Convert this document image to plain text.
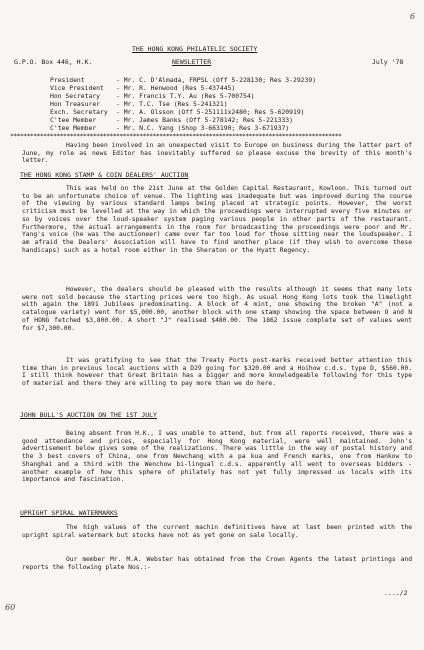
6
THE HONG KONG PHILATELIC SOCIETY
G.P.O. Box 446, H.K.	NEWSLETTER	July '78
President	- Mr. C. D'Almada, FRPSL (Off 5-228130; Res 3-29239)
Vice President - Mr. R. Henwood (Res 5-437445)
Hon Secretary - Mr. Francis T.Y. Au (Res 5-700754)
Hon Treasurer - Mr. T.C. Tse (Res 5-241321)
Exch. Secretary - Mr. A. Olsson (Off 5-251111x2480; Res 5-620919)
C'tee Member	- Mr. James Banks (Off 5-278142; Res 5-221333)
C'tee Member	- Mr. N.C. Yang (Shop 3-663190; Res 3-671937)
****************************************************************************************************
Having been involved in an unexpected visit to Europe on business during the latter part of June, my role as news Editor has inevitably suffered so please excuse the brevity of this month's letter.
THE HONG KONG STAMP & COIN DEALERS' AUCTION
This was held on the 21st June at the Golden Capital Restaurant, Kowloon. This turned out to be an unfortunate choice of venue. The lighting was inadequate but was improved during the course of the viewing by various standard lamps being placed at strategic points. However, the worst criticism must be levelled at the way in which the proceedings were interrupted every five minutes or so by voices over the loud-speaker system paging various people in other parts of the restaurant. Furthermore, the actual arrangements in the room for broadcasting the proceedings were poor and Mr. Yang's voice (he was the auctioneer) came over far too loud for those sitting near the loudspeaker. I am afraid the Dealers' Association will have to find another place (if they wish to overcome these handicaps) such as a hotel room either in the Sheraton or the Hyatt Regency.
However, the dealers should be pleased with the results although it seems that many lots were not sold because the starting prices were too high. As usual Hong Kong lots took the limelight with again the 1891 Jubilees predominating. A block of 4 mint, one showing the broken "A" (not a catalogue variety) went for $5,000.00, another block with one stamp showing the space between O and N of HONG fetched $3,800.00. A short "J" realised $480.00. The 1862 issue complete set of values went for $7,300.00.
It was gratifying to see that the Treaty Ports post-marks received better attention this time than in previous local auctions with a D29 going for $320.00 and a Hoihow c.d.s. type D, $560.00. I still think however that Great Britain has a bigger and more knowledgeable following for this type of material and there they are willing to pay more than we do here.
JOHN BULL'S AUCTION ON THE 1ST JULY
Being absent from H.K., I was unable to attend, but from all reports received, there was a good attendance and prices, especially for Hong Kong material, were well maintained. John's advertisement below gives some of the realizations. There was little in the way of postal history and the 3 best covers of China, one from Newchang with a pa kua and French marks, one from Hankow to Shanghai and a third with the Wenchow bi-lingual c.d.s. apparently all went to overseas bidders - another example of how this sphere of philately has not yet fully impressed us locals with its importance and fascination.
UPRIGHT SPIRAL WATERMARKS
The high values of the current machin definitives have at last been printed with the upright spiral watermark but stocks have not as yet gone on sale locally.
Our member Mr. M.A. Webster has obtained from the Crown Agents the latest printings and reports the following plate Nos.:-
..../2
60
